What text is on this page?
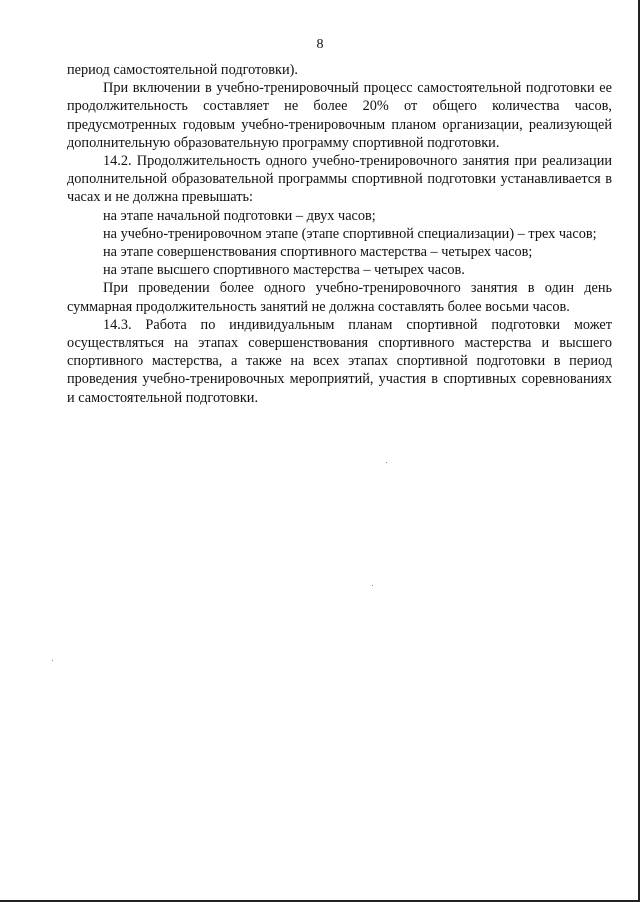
8

период самостоятельной подготовки).

При включении в учебно-тренировочный процесс самостоятельной подготовки ее продолжительность составляет не более 20% от общего количества часов, предусмотренных годовым учебно-тренировочным планом организации, реализующей дополнительную образовательную программу спортивной подготовки.

14.2. Продолжительность одного учебно-тренировочного занятия при реализации дополнительной образовательной программы спортивной подготовки устанавливается в часах и не должна превышать:

на этапе начальной подготовки – двух часов;

на учебно-тренировочном этапе (этапе спортивной специализации) – трех часов;

на этапе совершенствования спортивного мастерства – четырех часов;

на этапе высшего спортивного мастерства – четырех часов.

При проведении более одного учебно-тренировочного занятия в один день суммарная продолжительность занятий не должна составлять более восьми часов.

14.3. Работа по индивидуальным планам спортивной подготовки может осуществляться на этапах совершенствования спортивного мастерства и высшего спортивного мастерства, а также на всех этапах спортивной подготовки в период проведения учебно-тренировочных мероприятий, участия в спортивных соревнованиях и самостоятельной подготовки.
